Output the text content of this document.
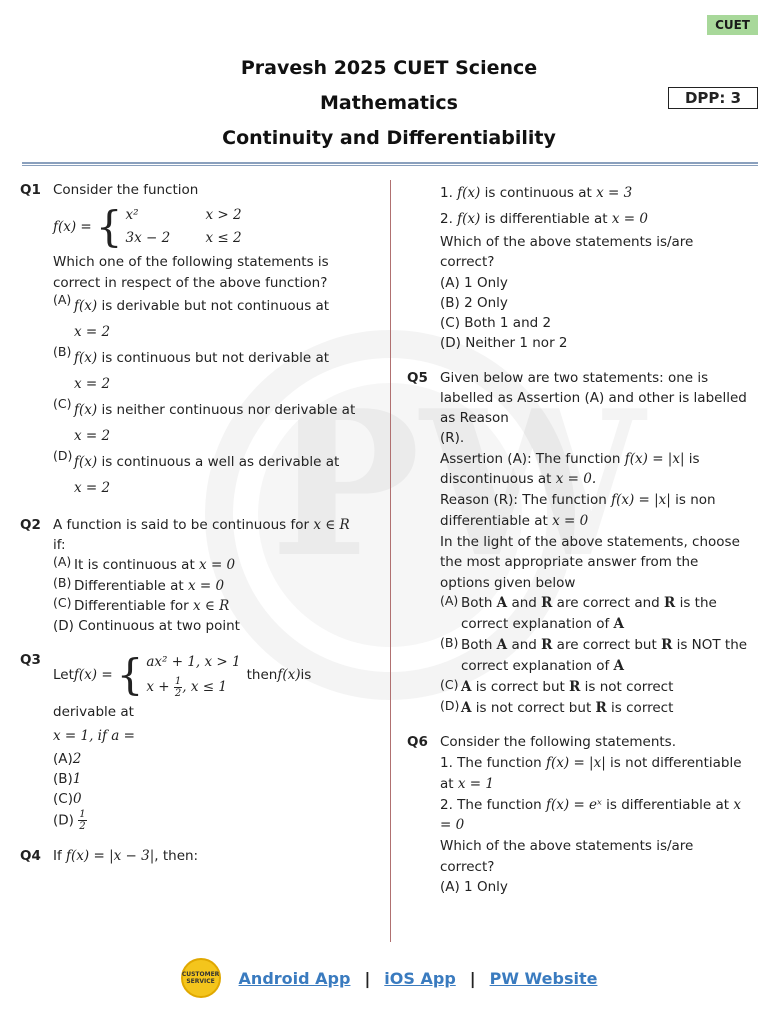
CUET
Pravesh 2025 CUET Science
Mathematics
Continuity and Differentiability
DPP: 3
Q1 Consider the function
f(x) = { x²	x > 2
3x − 2	x ≤ 2
Which one of the following statements is correct in respect of the above function?
(A) f(x) is derivable but not continuous at
x = 2
(B) f(x) is continuous but not derivable at
x = 2
(C) f(x) is neither continuous nor derivable at
x = 2
(D) f(x) is continuous a well as derivable at
x = 2
Q2 A function is said to be continuous for x ∈ R
if:
(A) It is continuous at x = 0
(B) Differentiable at x = 0
(C) Differentiable for x ∈ R
(D) Continuous at two point
Q3
Let f(x) = { ax² + 1, x > 1
$x + \frac{1}{2}$ , x ≤ 1
then f(x) is
derivable at
x = 1, if a =
(A)2
(B)1
(C)0
$(D) \frac{1}{2}$
Q4 If f(x) = |x − 3|, then:
1. f(x) is continuous at x = 3
2. f(x) is differentiable at x = 0
Which of the above statements is/are correct?
(A) 1 Only
(B) 2 Only
(C) Both 1 and 2
(D) Neither 1 nor 2
Q5 Given below are two statements: one is labelled as Assertion (A) and other is labelled as Reason
(R).
Assertion (A): The function f(x) = |x| is discontinuous at x = 0.
Reason (R): The function f(x) = |x| is non differentiable at x = 0
In the light of the above statements, choose the most appropriate answer from the options given below
(A) Both A and R are correct and R is the correct explanation of A
(B) Both A and R are correct but R is NOT the correct explanation of A
(C) A is correct but R is not correct
(D) A is not correct but R is correct
Q6 Consider the following statements.
1. The function f(x) = |x| is not differentiable at x = 1
2. The function f(x) = eˣ is differentiable at x = 0
Which of the above statements is/are correct?
(A) 1 Only
CUSTOMER SERVICE	Android App | iOS App | PW Website
